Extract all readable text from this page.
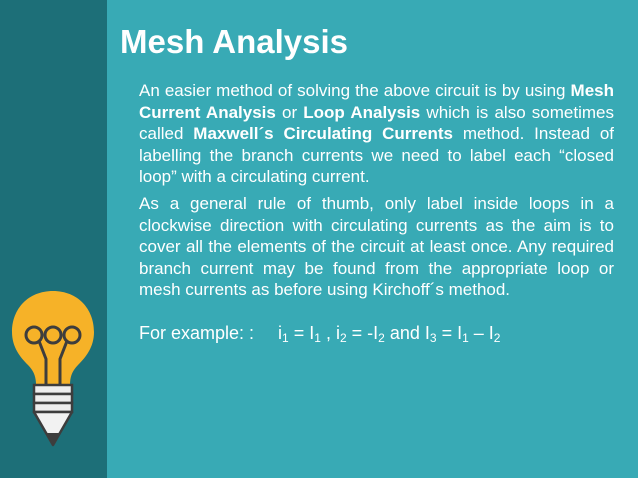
Mesh Analysis

An easier method of solving the above circuit is by using Mesh Current Analysis or Loop Analysis which is also sometimes called Maxwell´s Circulating Currents method. Instead of labelling the branch currents we need to label each “closed loop” with a circulating current.

As a general rule of thumb, only label inside loops in a clockwise direction with circulating currents as the aim is to cover all the elements of the circuit at least once. Any required branch current may be found from the appropriate loop or mesh currents as before using Kirchoff´s method.

For example: : $i_1 = I_1$ , $i_2 = -I_2$ and $I_3 = I_1 - I_2$
